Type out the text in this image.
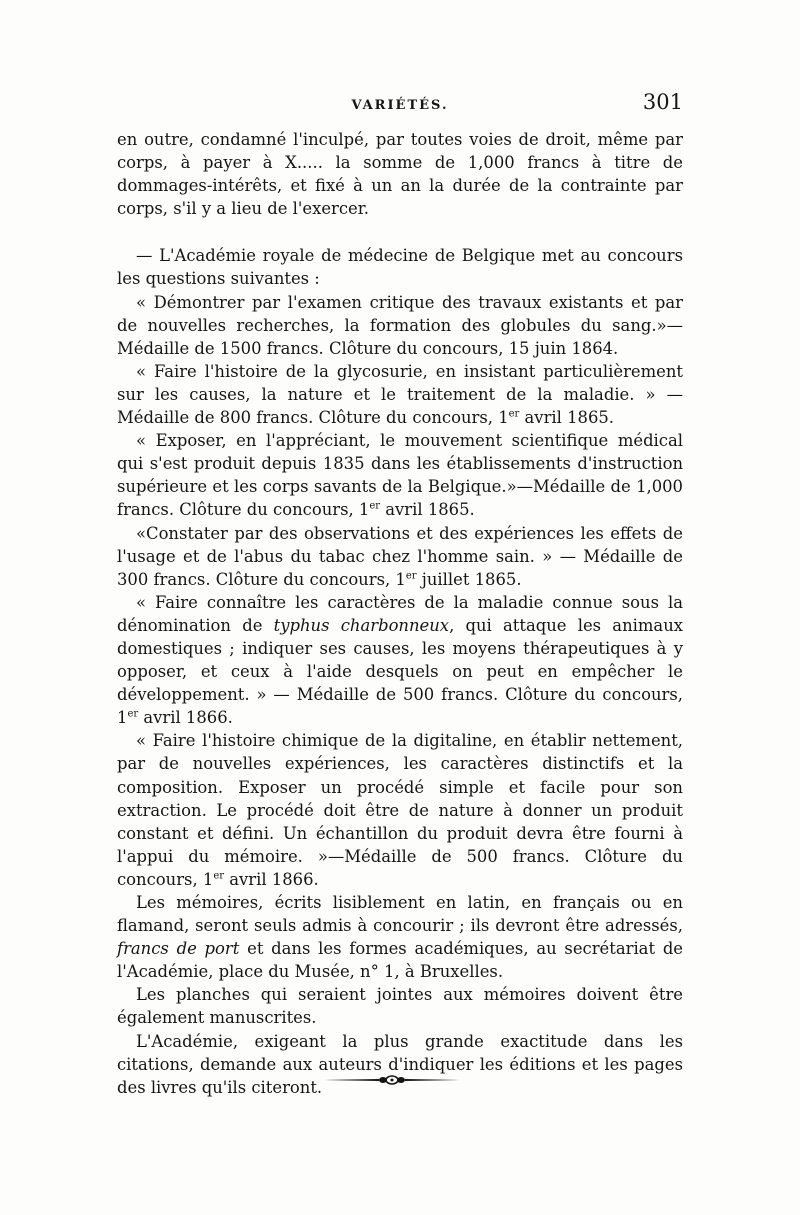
VARIÉTÉS.	301

en outre, condamné l'inculpé, par toutes voies de droit, même par corps, à payer à X..... la somme de 1,000 francs à titre de dommages-intérêts, et fixé à un an la durée de la contrainte par corps, s'il y a lieu de l'exercer.

— L'Académie royale de médecine de Belgique met au concours les questions suivantes :

« Démontrer par l'examen critique des travaux existants et par de nouvelles recherches, la formation des globules du sang.»—Médaille de 1500 francs. Clôture du concours, 15 juin 1864.

« Faire l'histoire de la glycosurie, en insistant particulièrement sur les causes, la nature et le traitement de la maladie. » — Médaille de 800 francs. Clôture du concours, 1er avril 1865.

« Exposer, en l'appréciant, le mouvement scientifique médical qui s'est produit depuis 1835 dans les établissements d'instruction supérieure et les corps savants de la Belgique.»—Médaille de 1,000 francs. Clôture du concours, 1er avril 1865.

«Constater par des observations et des expériences les effets de l'usage et de l'abus du tabac chez l'homme sain. » — Médaille de 300 francs. Clôture du concours, 1er juillet 1865.

« Faire connaître les caractères de la maladie connue sous la dénomination de typhus charbonneux, qui attaque les animaux domestiques ; indiquer ses causes, les moyens thérapeutiques à y opposer, et ceux à l'aide desquels on peut en empêcher le développement. » — Médaille de 500 francs. Clôture du concours, 1er avril 1866.

« Faire l'histoire chimique de la digitaline, en établir nettement, par de nouvelles expériences, les caractères distinctifs et la composition. Exposer un procédé simple et facile pour son extraction. Le procédé doit être de nature à donner un produit constant et défini. Un échantillon du produit devra être fourni à l'appui du mémoire. »—Médaille de 500 francs. Clôture du concours, 1er avril 1866.

Les mémoires, écrits lisiblement en latin, en français ou en flamand, seront seuls admis à concourir ; ils devront être adressés, francs de port et dans les formes académiques, au secrétariat de l'Académie, place du Musée, n° 1, à Bruxelles.

Les planches qui seraient jointes aux mémoires doivent être également manuscrites.

L'Académie, exigeant la plus grande exactitude dans les citations, demande aux auteurs d'indiquer les éditions et les pages des livres qu'ils citeront.
